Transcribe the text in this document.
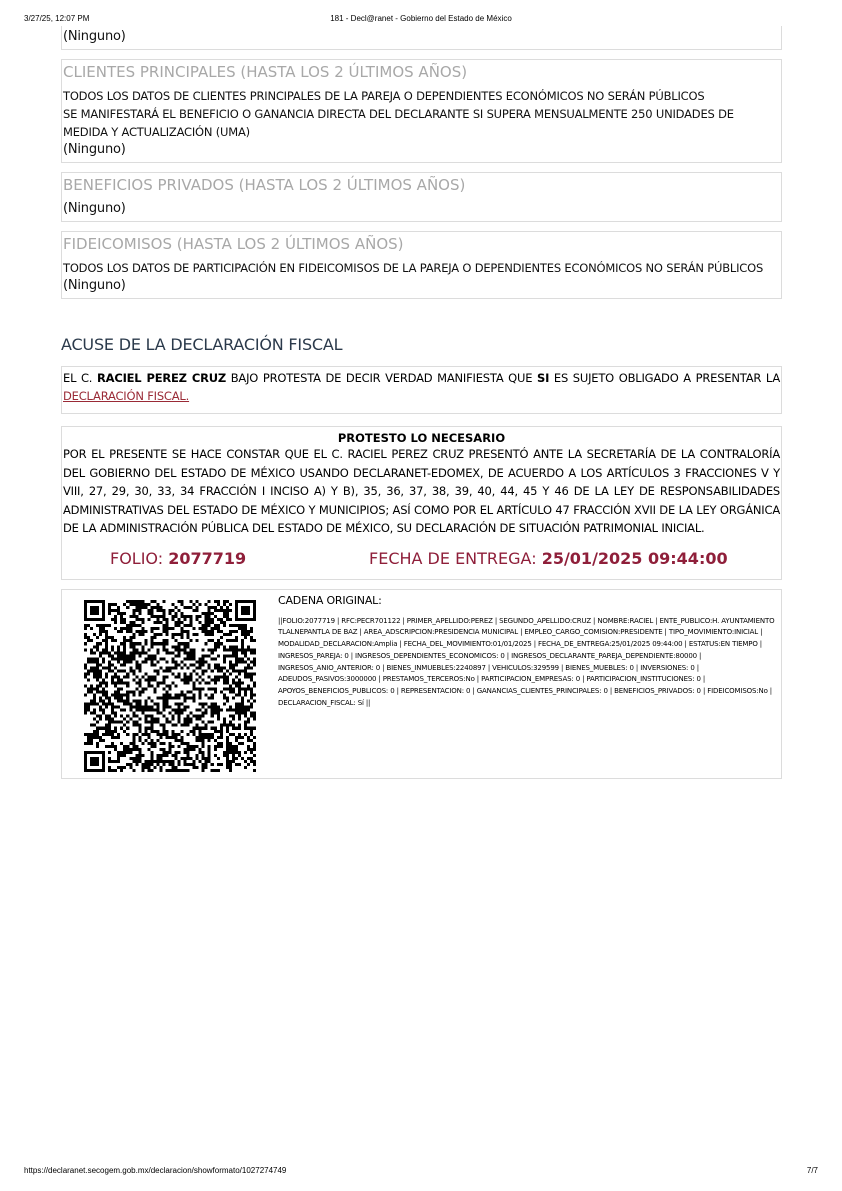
3/27/25, 12:07 PM	181 - Decl@ranet - Gobierno del Estado de México
(Ninguno)
CLIENTES PRINCIPALES (HASTA LOS 2 ÚLTIMOS AÑOS)
TODOS LOS DATOS DE CLIENTES PRINCIPALES DE LA PAREJA O DEPENDIENTES ECONÓMICOS NO SERÁN PÚBLICOS
SE MANIFESTARÁ EL BENEFICIO O GANANCIA DIRECTA DEL DECLARANTE SI SUPERA MENSUALMENTE 250 UNIDADES DE MEDIDA Y ACTUALIZACIÓN (UMA)
(Ninguno)
BENEFICIOS PRIVADOS (HASTA LOS 2 ÚLTIMOS AÑOS)
(Ninguno)
FIDEICOMISOS (HASTA LOS 2 ÚLTIMOS AÑOS)
TODOS LOS DATOS DE PARTICIPACIÓN EN FIDEICOMISOS DE LA PAREJA O DEPENDIENTES ECONÓMICOS NO SERÁN PÚBLICOS
(Ninguno)
ACUSE DE LA DECLARACIÓN FISCAL
EL C. RACIEL PEREZ CRUZ BAJO PROTESTA DE DECIR VERDAD MANIFIESTA QUE SI ES SUJETO OBLIGADO A PRESENTAR LA DECLARACIÓN FISCAL.
PROTESTO LO NECESARIO
POR EL PRESENTE SE HACE CONSTAR QUE EL C. RACIEL PEREZ CRUZ PRESENTÓ ANTE LA SECRETARÍA DE LA CONTRALORÍA DEL GOBIERNO DEL ESTADO DE MÉXICO USANDO DECLARANET-EDOMEX, DE ACUERDO A LOS ARTÍCULOS 3 FRACCIONES V Y VIII, 27, 29, 30, 33, 34 FRACCIÓN I INCISO A) Y B), 35, 36, 37, 38, 39, 40, 44, 45 Y 46 DE LA LEY DE RESPONSABILIDADES ADMINISTRATIVAS DEL ESTADO DE MÉXICO Y MUNICIPIOS; ASÍ COMO POR EL ARTÍCULO 47 FRACCIÓN XVII DE LA LEY ORGÁNICA DE LA ADMINISTRACIÓN PÚBLICA DEL ESTADO DE MÉXICO, SU DECLARACIÓN DE SITUACIÓN PATRIMONIAL INICIAL.
FOLIO: 2077719	FECHA DE ENTREGA: 25/01/2025 09:44:00
CADENA ORIGINAL:
||FOLIO:2077719 | RFC:PECR701122 | PRIMER_APELLIDO:PEREZ | SEGUNDO_APELLIDO:CRUZ | NOMBRE:RACIEL | ENTE_PUBLICO:H. AYUNTAMIENTO TLALNEPANTLA DE BAZ | AREA_ADSCRIPCION:PRESIDENCIA MUNICIPAL | EMPLEO_CARGO_COMISION:PRESIDENTE | TIPO_MOVIMIENTO:INICIAL | MODALIDAD_DECLARACION:Amplia | FECHA_DEL_MOVIMIENTO:01/01/2025 | FECHA_DE_ENTREGA:25/01/2025 09:44:00 | ESTATUS:EN TIEMPO | INGRESOS_PAREJA: 0 | INGRESOS_DEPENDIENTES_ECONOMICOS: 0 | INGRESOS_DECLARANTE_PAREJA_DEPENDIENTE:80000 | INGRESOS_ANIO_ANTERIOR: 0 | BIENES_INMUEBLES:2240897 | VEHICULOS:329599 | BIENES_MUEBLES: 0 | INVERSIONES: 0 | ADEUDOS_PASIVOS:3000000 | PRESTAMOS_TERCEROS:No | PARTICIPACION_EMPRESAS: 0 | PARTICIPACION_INSTITUCIONES: 0 | APOYOS_BENEFICIOS_PUBLICOS: 0 | REPRESENTACION: 0 | GANANCIAS_CLIENTES_PRINCIPALES: 0 | BENEFICIOS_PRIVADOS: 0 | FIDEICOMISOS:No | DECLARACION_FISCAL: Sí ||
https://declaranet.secogem.gob.mx/declaracion/showformato/1027274749	7/7
